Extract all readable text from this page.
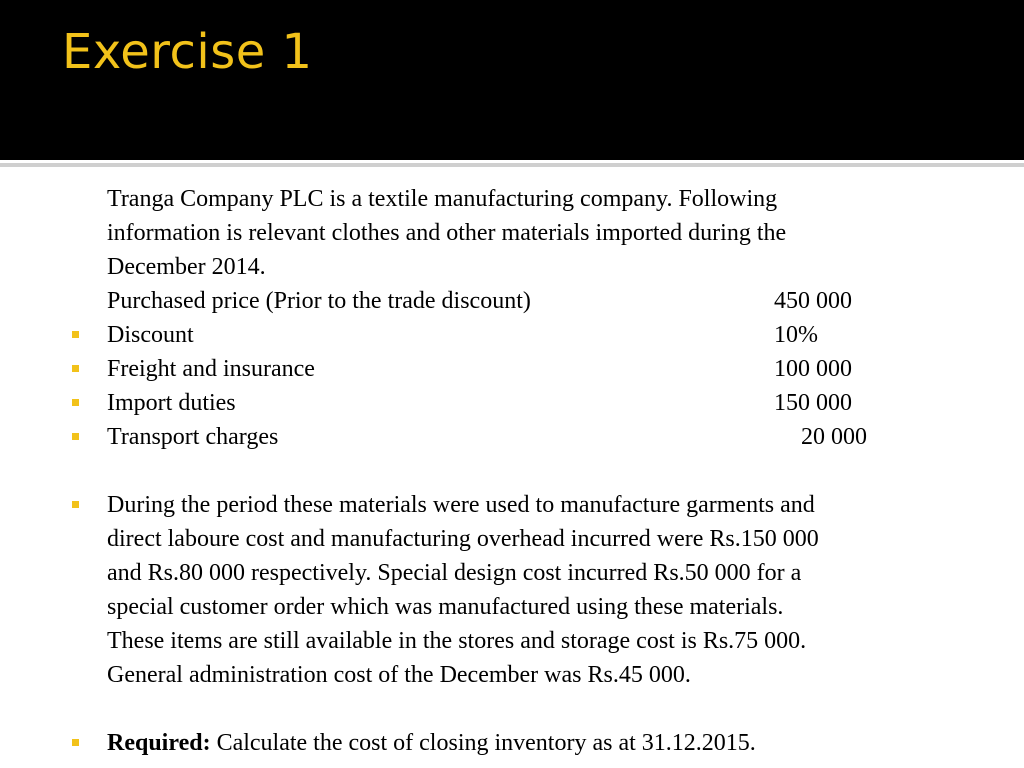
Exercise 1
Tranga Company PLC is a textile manufacturing company. Following
information is relevant clothes and other materials imported during the
December 2014.
Purchased price (Prior to the trade discount)	450 000
Discount	10%
Freight and insurance	100 000
Import duties	150 000
Transport charges	20 000
During the period these materials were used to manufacture garments and
direct laboure cost and manufacturing overhead incurred were Rs.150 000
and Rs.80 000 respectively. Special design cost incurred Rs.50 000 for a
special customer order which was manufactured using these materials.
These items are still available in the stores and storage cost is Rs.75 000.
General administration cost of the December was Rs.45 000.
Required: Calculate the cost of closing inventory as at 31.12.2015.
